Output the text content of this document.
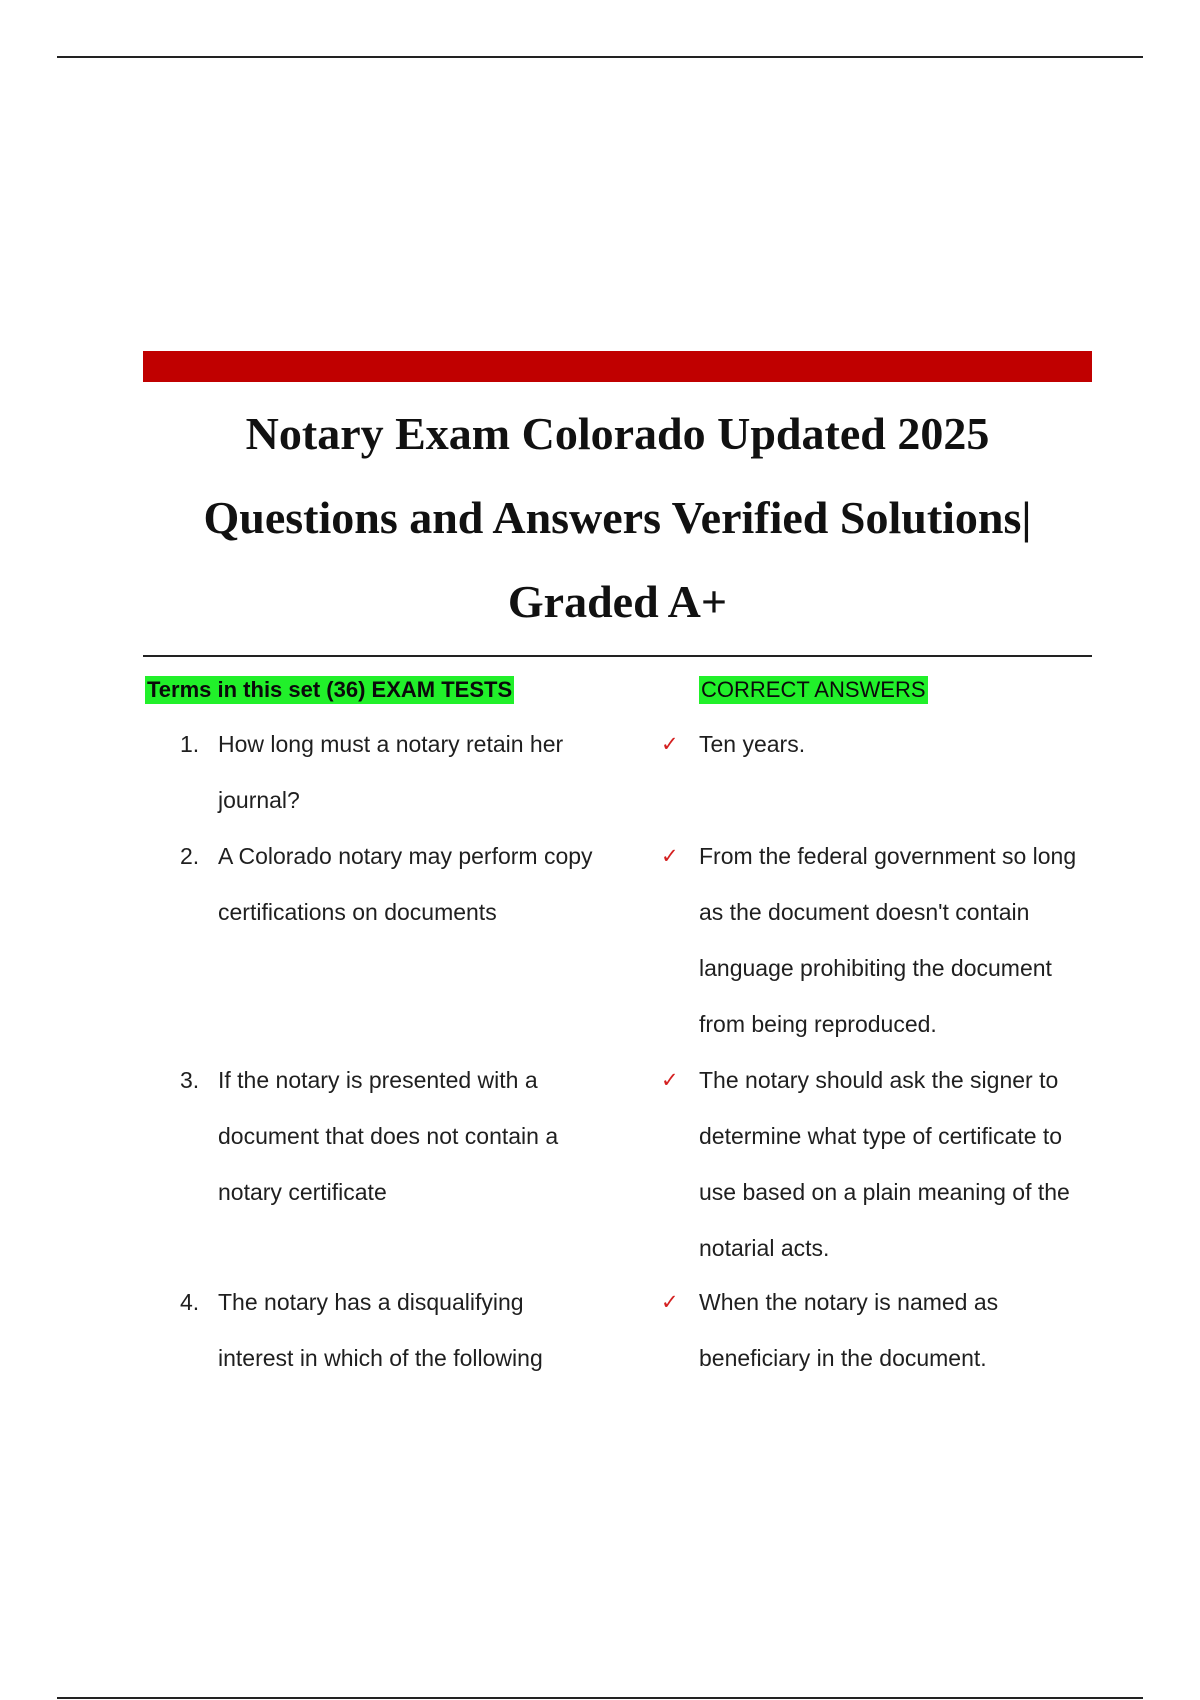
Notary Exam Colorado Updated 2025
Questions and Answers Verified Solutions|
Graded A+
Terms in this set (36) EXAM TESTS	CORRECT ANSWERS
1. How long must a notary retain her journal?
✓ Ten years.
2. A Colorado notary may perform copy certifications on documents
✓ From the federal government so long as the document doesn't contain language prohibiting the document from being reproduced.
3. If the notary is presented with a document that does not contain a notary certificate
✓ The notary should ask the signer to determine what type of certificate to use based on a plain meaning of the notarial acts.
4. The notary has a disqualifying interest in which of the following
✓ When the notary is named as beneficiary in the document.
